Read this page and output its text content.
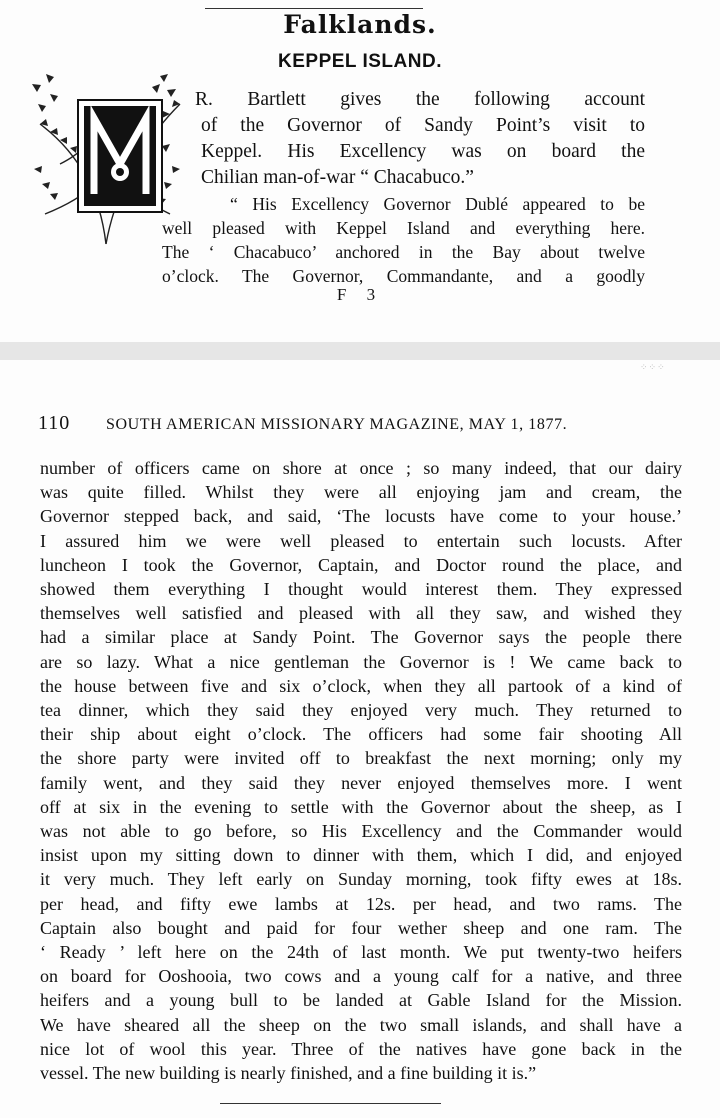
Falklands.
KEPPEL ISLAND.
R. Bartlett gives the following account
of the Governor of Sandy Point’s visit to
Keppel. His Excellency was on board the
Chilian man-of-war “ Chacabuco.”
“ His Excellency Governor Dublé appeared to be
well pleased with Keppel Island and everything here.
The ‘ Chacabuco’ anchored in the Bay about twelve
o’clock. The Governor, Commandante, and a goodly
F 3
⁘⁘⁘
110 SOUTH AMERICAN MISSIONARY MAGAZINE, MAY 1, 1877.
number of officers came on shore at once ; so many indeed, that our dairy
was quite filled. Whilst they were all enjoying jam and cream, the
Governor stepped back, and said, ‘The locusts have come to your house.’
I assured him we were well pleased to entertain such locusts. After
luncheon I took the Governor, Captain, and Doctor round the place, and
showed them everything I thought would interest them. They expressed
themselves well satisfied and pleased with all they saw, and wished they
had a similar place at Sandy Point. The Governor says the people there
are so lazy. What a nice gentleman the Governor is ! We came back to
the house between five and six o’clock, when they all partook of a kind of
tea dinner, which they said they enjoyed very much. They returned to
their ship about eight o’clock. The officers had some fair shooting All
the shore party were invited off to breakfast the next morning; only my
family went, and they said they never enjoyed themselves more. I went
off at six in the evening to settle with the Governor about the sheep, as I
was not able to go before, so His Excellency and the Commander would
insist upon my sitting down to dinner with them, which I did, and enjoyed
it very much. They left early on Sunday morning, took fifty ewes at 18s.
per head, and fifty ewe lambs at 12s. per head, and two rams. The
Captain also bought and paid for four wether sheep and one ram. The
‘ Ready ’ left here on the 24th of last month. We put twenty-two heifers
on board for Ooshooia, two cows and a young calf for a native, and three
heifers and a young bull to be landed at Gable Island for the Mission.
We have sheared all the sheep on the two small islands, and shall have a
nice lot of wool this year. Three of the natives have gone back in the
vessel. The new building is nearly finished, and a fine building it is.”
